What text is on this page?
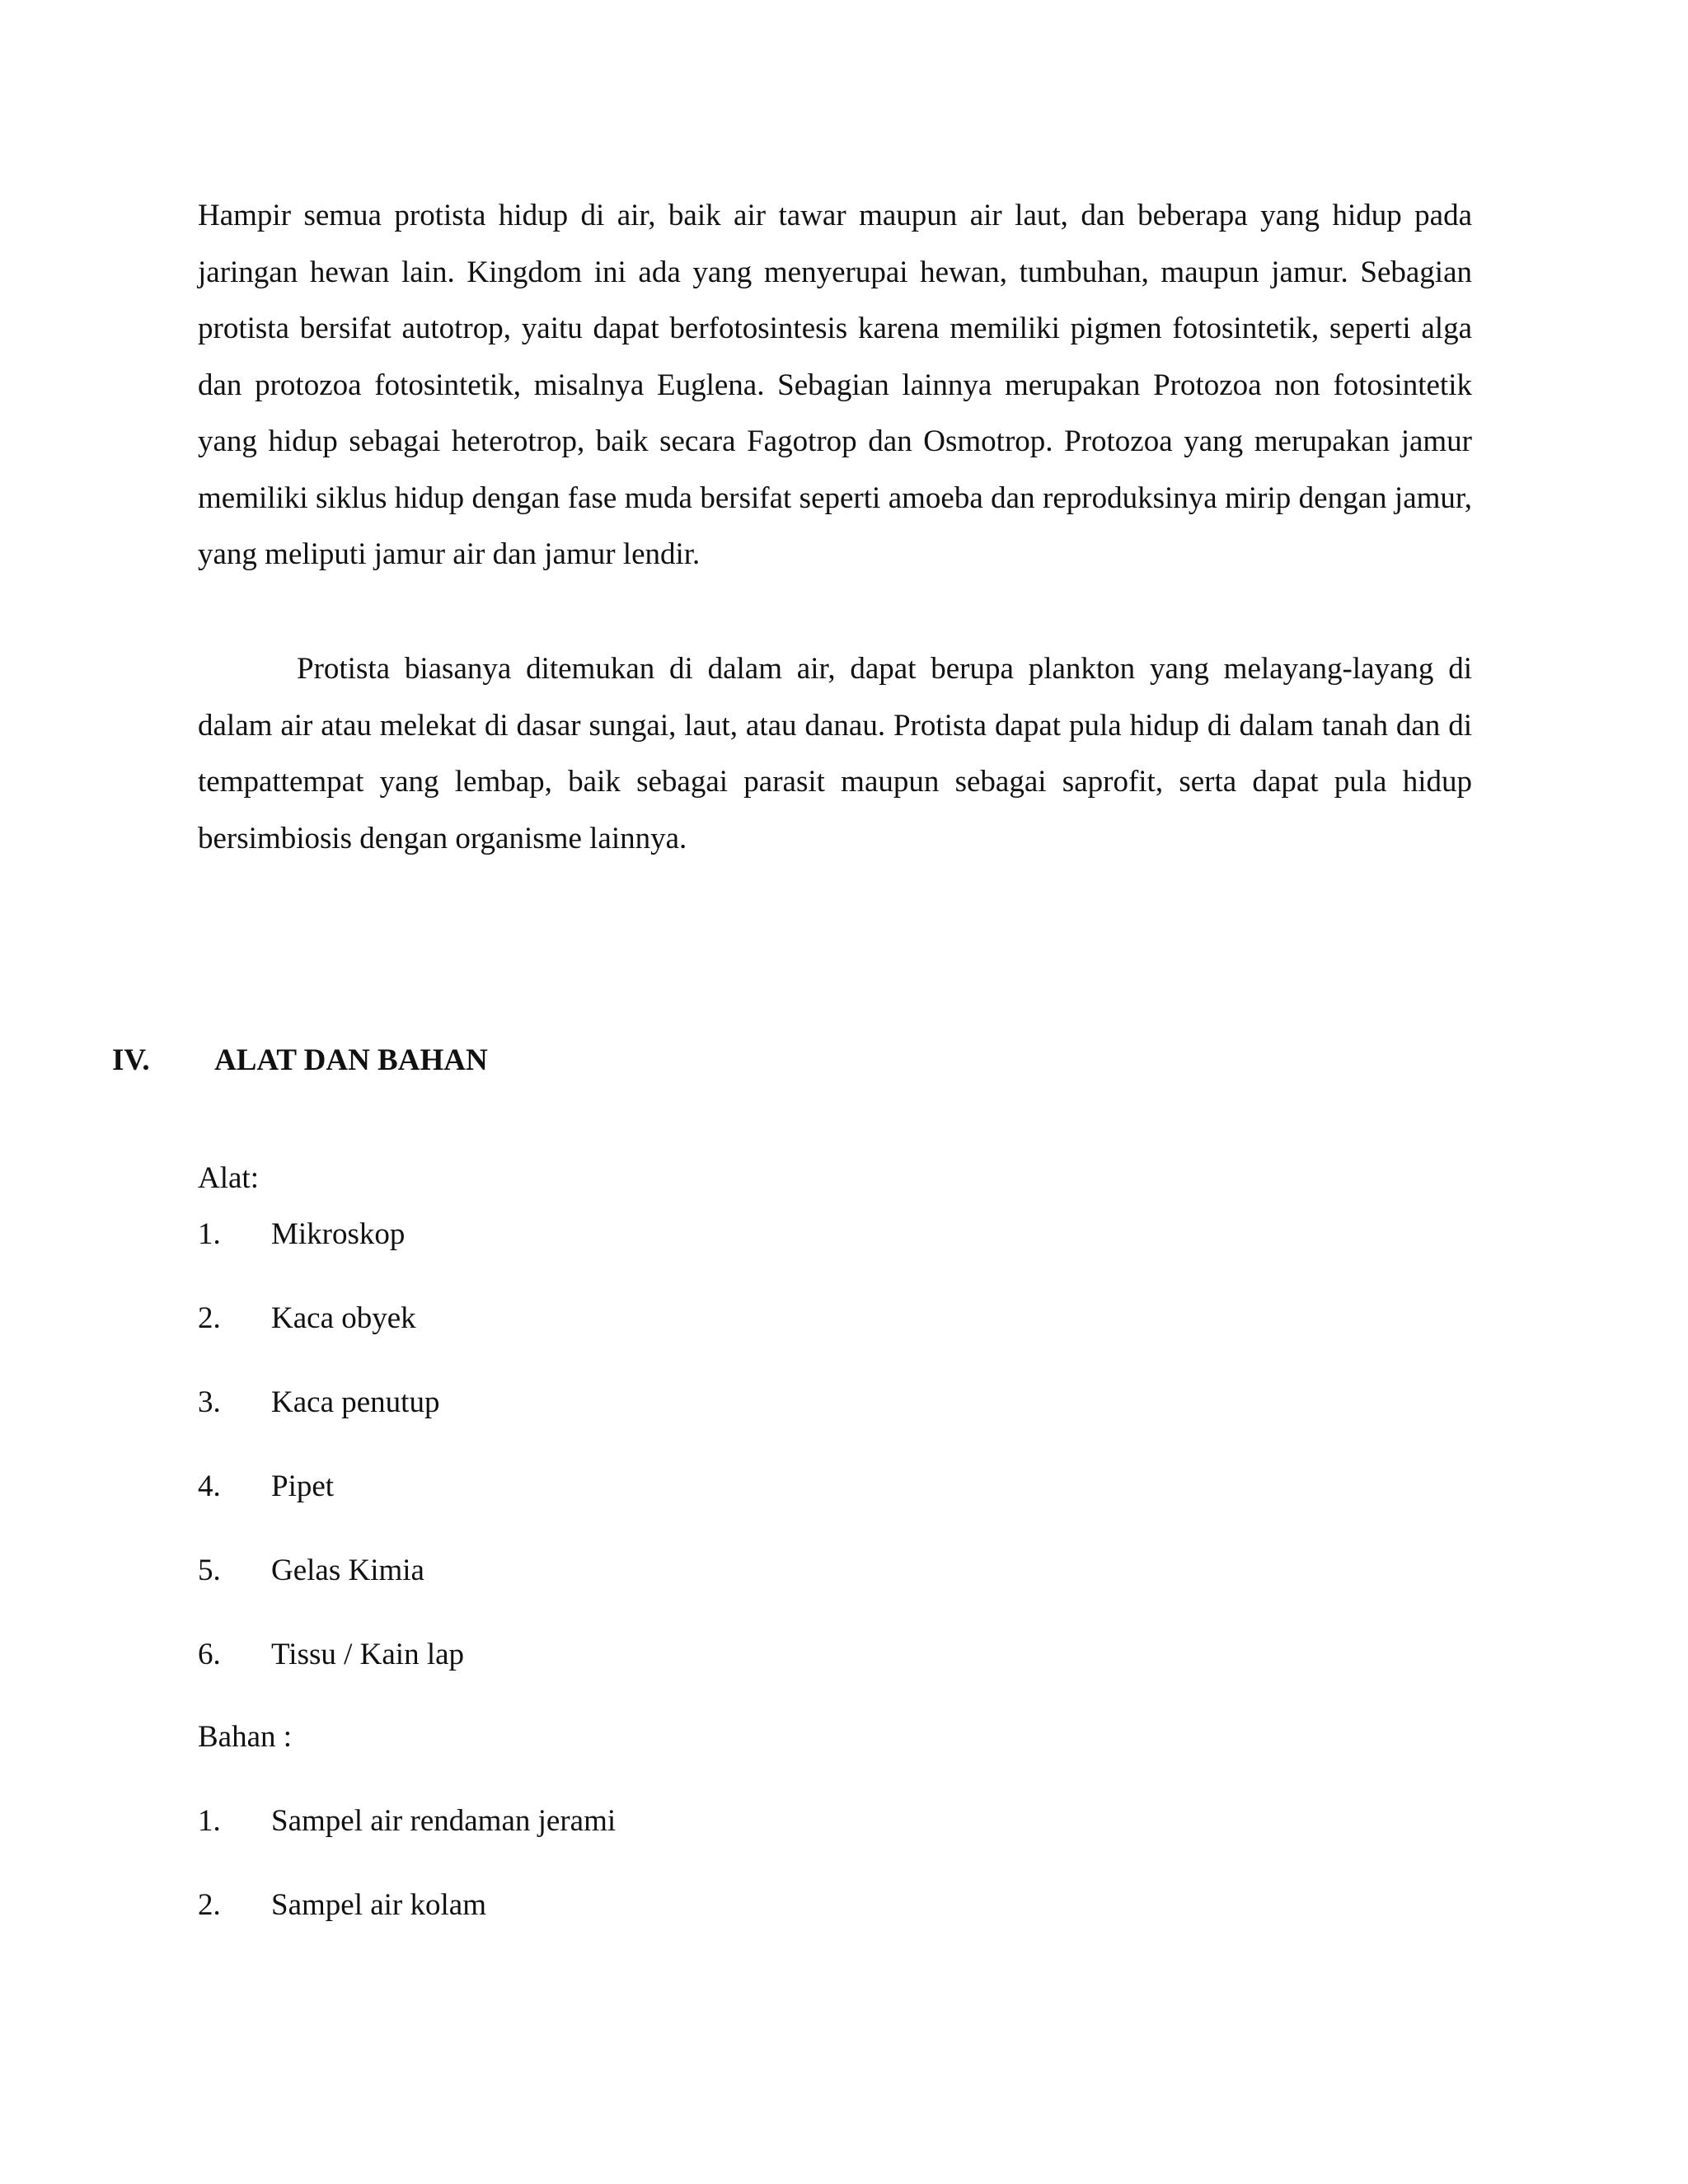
Hampir semua protista hidup di air, baik air tawar maupun air laut, dan beberapa yang hidup pada jaringan hewan lain. Kingdom ini ada yang menyerupai hewan, tumbuhan, maupun jamur. Sebagian protista bersifat autotrop, yaitu dapat berfotosintesis karena memiliki pigmen fotosintetik, seperti alga dan protozoa fotosintetik, misalnya Euglena. Sebagian lainnya merupakan Protozoa non fotosintetik yang hidup sebagai heterotrop, baik secara Fagotrop dan Osmotrop. Protozoa yang merupakan jamur memiliki siklus hidup dengan fase muda bersifat seperti amoeba dan reproduksinya mirip dengan jamur, yang meliputi jamur air dan jamur lendir.

Protista biasanya ditemukan di dalam air, dapat berupa plankton yang melayang-layang di dalam air atau melekat di dasar sungai, laut, atau danau. Protista dapat pula hidup di dalam tanah dan di tempattempat yang lembap, baik sebagai parasit maupun sebagai saprofit, serta dapat pula hidup bersimbiosis dengan organisme lainnya.

IV. ALAT DAN BAHAN
Alat:
1. Mikroskop
2. Kaca obyek
3. Kaca penutup
4. Pipet
5. Gelas Kimia
6. Tissu / Kain lap
Bahan :
1. Sampel air rendaman jerami
2. Sampel air kolam
